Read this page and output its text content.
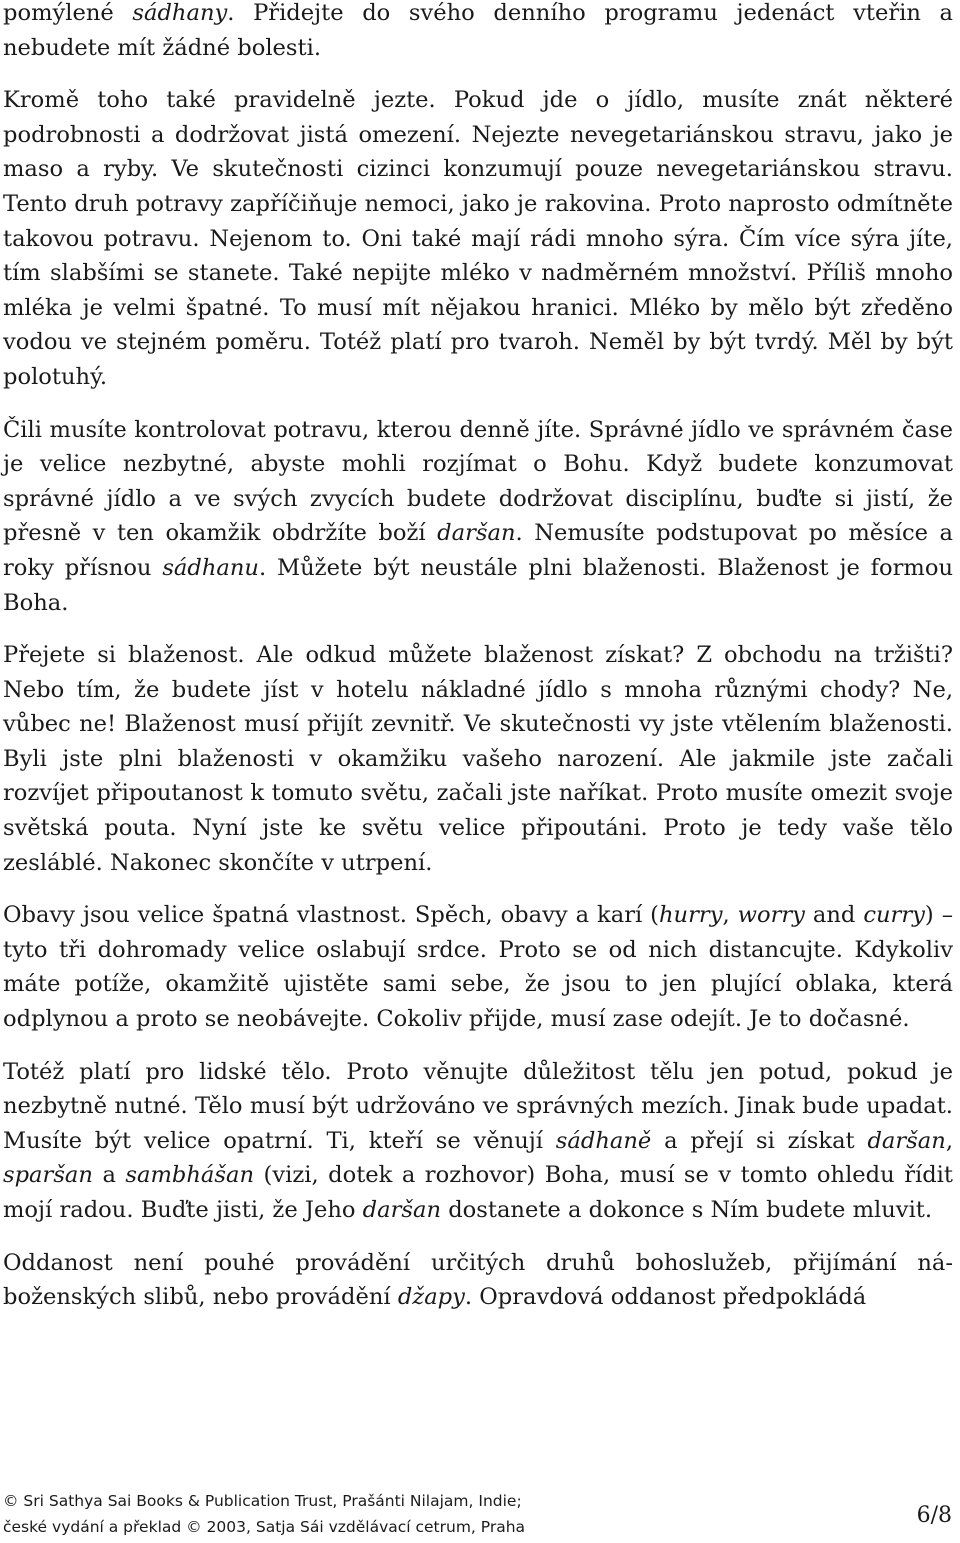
pomýlené sádhany. Přidejte do svého denního programu jedenáct vteřin a nebudete mít žádné bolesti.

Kromě toho také pravidelně jezte. Pokud jde o jídlo, musíte znát některé podrobnosti a dodržovat jistá omezení. Nejezte nevegetariánskou stravu, jako je maso a ryby. Ve skutečnosti cizinci konzumují pouze nevegetariánskou stravu. Tento druh potravy zapříčiňuje nemoci, jako je rakovina. Proto naprosto odmítněte takovou potravu. Nejenom to. Oni také mají rádi mnoho sýra. Čím více sýra jíte, tím slabšími se stanete. Také nepijte mléko v nadměrném množství. Příliš mnoho mléka je velmi špatné. To musí mít nějakou hranici. Mléko by mělo být zředěno vodou ve stejném poměru. Totéž platí pro tvaroh. Neměl by být tvrdý. Měl by být polotuhý.

Čili musíte kontrolovat potravu, kterou denně jíte. Správné jídlo ve správném čase je velice nezbytné, abyste mohli rozjímat o Bohu. Když budete konzumovat správné jídlo a ve svých zvycích budete dodržovat disciplínu, buďte si jistí, že přesně v ten okamžik obdržíte boží daršan. Nemusíte podstupovat po měsíce a roky přísnou sádhanu. Můžete být neustále plni blaženosti. Blaženost je formou Boha.

Přejete si blaženost. Ale odkud můžete blaženost získat? Z obchodu na tržišti? Nebo tím, že budete jíst v hotelu nákladné jídlo s mnoha různými chody? Ne, vůbec ne! Blaženost musí přijít zevnitř. Ve skutečnosti vy jste vtělením blaženosti. Byli jste plni blaženosti v okamžiku vašeho narození. Ale jakmile jste začali rozvíjet připoutanost k tomuto světu, začali jste naříkat. Proto musíte omezit svoje světská pouta. Nyní jste ke světu velice připoutáni. Proto je tedy vaše tělo zesláblé. Nakonec skončíte v utrpení.

Obavy jsou velice špatná vlastnost. Spěch, obavy a karí (hurry, worry and curry) – tyto tři dohromady velice oslabují srdce. Proto se od nich distancujte. Kdykoliv máte potíže, okamžitě ujistěte sami sebe, že jsou to jen plující oblaka, která odplynou a proto se neobávejte. Cokoliv přijde, musí zase odejít. Je to dočasné.

Totéž platí pro lidské tělo. Proto věnujte důležitost tělu jen potud, pokud je nezbytně nutné. Tělo musí být udržováno ve správných mezích. Jinak bude upadat. Musíte být velice opatrní. Ti, kteří se věnují sádhaně a přejí si získat daršan, sparšan a sambhášan (vizi, dotek a rozhovor) Boha, musí se v tomto ohledu řídit mojí radou. Buďte jisti, že Jeho daršan dostanete a dokonce s Ním budete mluvit.

Oddanost není pouhé provádění určitých druhů bohoslužeb, přijímání náboženských slibů, nebo provádění džapy. Opravdová oddanost předpokládá

© Sri Sathya Sai Books & Publication Trust, Prašánti Nilajam, Indie;
české vydání a překlad © 2003, Satja Sái vzdělávací cetrum, Praha	6/8
